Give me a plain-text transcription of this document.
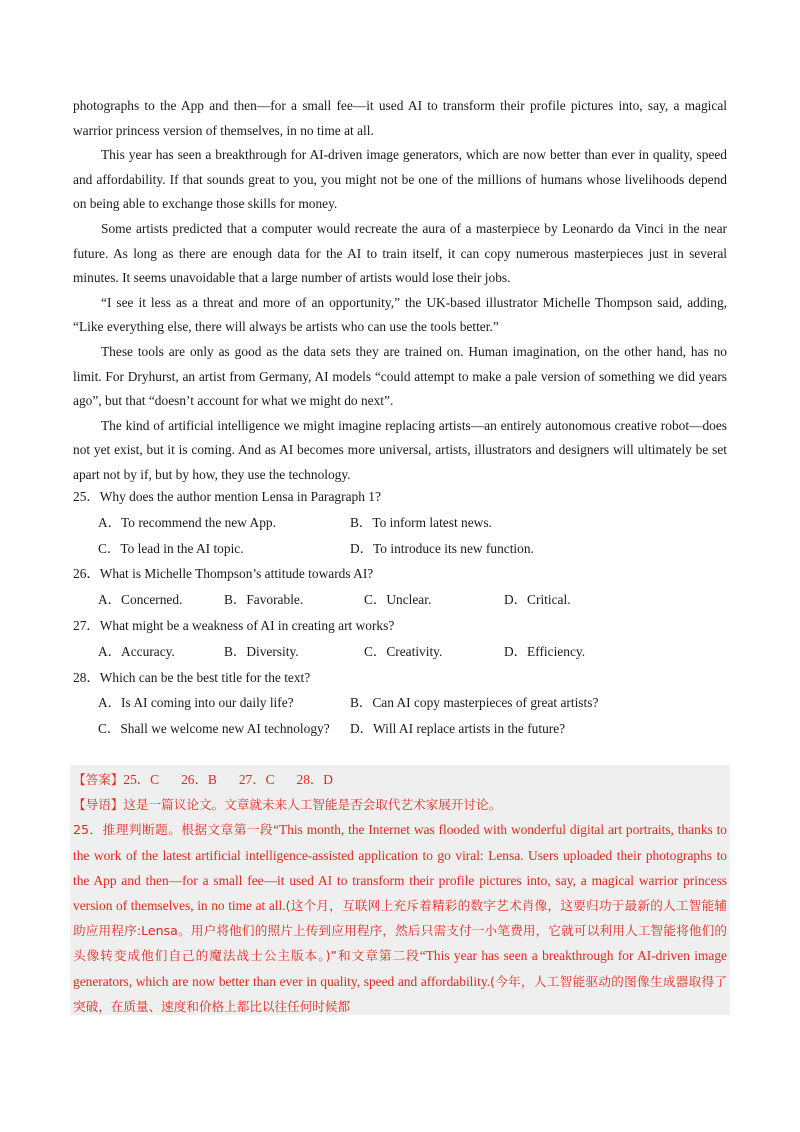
photographs to the App and then—for a small fee—it used AI to transform their profile pictures into, say, a magical warrior princess version of themselves, in no time at all.

This year has seen a breakthrough for AI-driven image generators, which are now better than ever in quality, speed and affordability. If that sounds great to you, you might not be one of the millions of humans whose livelihoods depend on being able to exchange those skills for money.

Some artists predicted that a computer would recreate the aura of a masterpiece by Leonardo da Vinci in the near future. As long as there are enough data for the AI to train itself, it can copy numerous masterpieces just in several minutes. It seems unavoidable that a large number of artists would lose their jobs.

“I see it less as a threat and more of an opportunity,” the UK-based illustrator Michelle Thompson said, adding, “Like everything else, there will always be artists who can use the tools better.”

These tools are only as good as the data sets they are trained on. Human imagination, on the other hand, has no limit. For Dryhurst, an artist from Germany, AI models “could attempt to make a pale version of something we did years ago”, but that “doesn’t account for what we might do next”.

The kind of artificial intelligence we might imagine replacing artists—an entirely autonomous creative robot—does not yet exist, but it is coming. And as AI becomes more universal, artists, illustrators and designers will ultimately be set apart not by if, but by how, they use the technology.

25．Why does the author mention Lensa in Paragraph 1?

A．To recommend the new App.	B．To inform latest news.
C．To lead in the AI topic.	D．To introduce its new function.

26．What is Michelle Thompson’s attitude towards AI?

A．Concerned.	B．Favorable.	C．Unclear.	D．Critical.

27．What might be a weakness of AI in creating art works?

A．Accuracy.	B．Diversity.	C．Creativity.	D．Efficiency.

28．Which can be the best title for the text?

A．Is AI coming into our daily life?	B．Can AI copy masterpieces of great artists?
C．Shall we welcome new AI technology?	D．Will AI replace artists in the future?

【答案】25．C 26．B 27．C 28．D

【导语】这是一篇议论文。文章就未来人工智能是否会取代艺术家展开讨论。

25．推理判断题。根据文章第一段“This month, the Internet was flooded with wonderful digital art portraits, thanks to the work of the latest artificial intelligence-assisted application to go viral: Lensa. Users uploaded their photographs to the App and then—for a small fee—it used AI to transform their profile pictures into, say, a magical warrior princess version of themselves, in no time at all.(这个月，互联网上充斥着精彩的数字艺术肖像，这要归功于最新的人工智能辅助应用程序:Lensa。用户将他们的照片上传到应用程序，然后只需支付一小笔费用，它就可以利用人工智能将他们的头像转变成他们自己的魔法战士公主版本。)”和文章第二段“This year has seen a breakthrough for AI-driven image generators, which are now better than ever in quality, speed and affordability.(今年，人工智能驱动的图像生成器取得了突破，在质量、速度和价格上都比以往任何时候都
